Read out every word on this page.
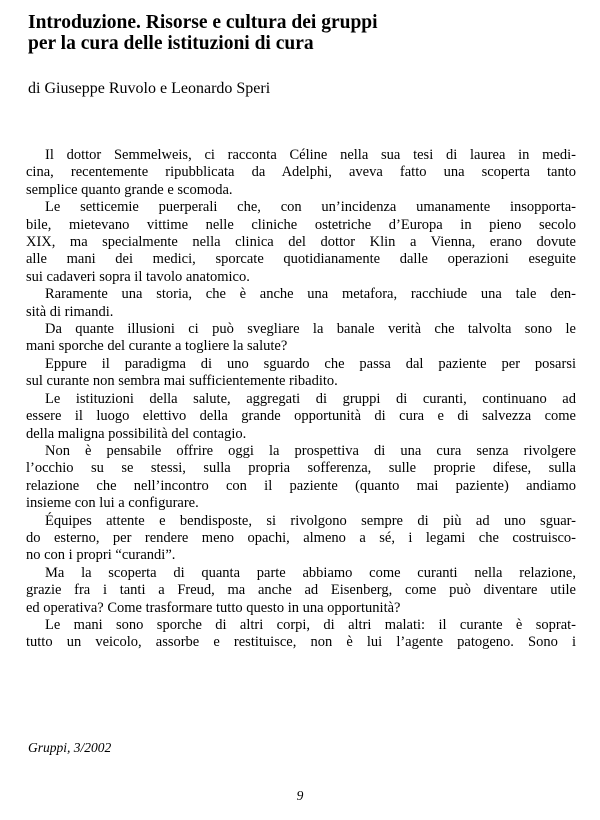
Introduzione. Risorse e cultura dei gruppi
per la cura delle istituzioni di cura
di Giuseppe Ruvolo e Leonardo Speri
Il dottor Semmelweis, ci racconta Céline nella sua tesi di laurea in medi-
cina, recentemente ripubblicata da Adelphi, aveva fatto una scoperta tanto
semplice quanto grande e scomoda.
Le setticemie puerperali che, con un’incidenza umanamente insopporta-
bile, mietevano vittime nelle cliniche ostetriche d’Europa in pieno secolo
XIX, ma specialmente nella clinica del dottor Klin a Vienna, erano dovute
alle mani dei medici, sporcate quotidianamente dalle operazioni eseguite
sui cadaveri sopra il tavolo anatomico.
Raramente una storia, che è anche una metafora, racchiude una tale den-
sità di rimandi.
Da quante illusioni ci può svegliare la banale verità che talvolta sono le
mani sporche del curante a togliere la salute?
Eppure il paradigma di uno sguardo che passa dal paziente per posarsi
sul curante non sembra mai sufficientemente ribadito.
Le istituzioni della salute, aggregati di gruppi di curanti, continuano ad
essere il luogo elettivo della grande opportunità di cura e di salvezza come
della maligna possibilità del contagio.
Non è pensabile offrire oggi la prospettiva di una cura senza rivolgere
l’occhio su se stessi, sulla propria sofferenza, sulle proprie difese, sulla
relazione che nell’incontro con il paziente (quanto mai paziente) andiamo
insieme con lui a configurare.
Équipes attente e bendisposte, si rivolgono sempre di più ad uno sguar-
do esterno, per rendere meno opachi, almeno a sé, i legami che costruisco-
no con i propri “curandi”.
Ma la scoperta di quanta parte abbiamo come curanti nella relazione,
grazie fra i tanti a Freud, ma anche ad Eisenberg, come può diventare utile
ed operativa? Come trasformare tutto questo in una opportunità?
Le mani sono sporche di altri corpi, di altri malati: il curante è soprat-
tutto un veicolo, assorbe e restituisce, non è lui l’agente patogeno. Sono i
Gruppi, 3/2002
9
